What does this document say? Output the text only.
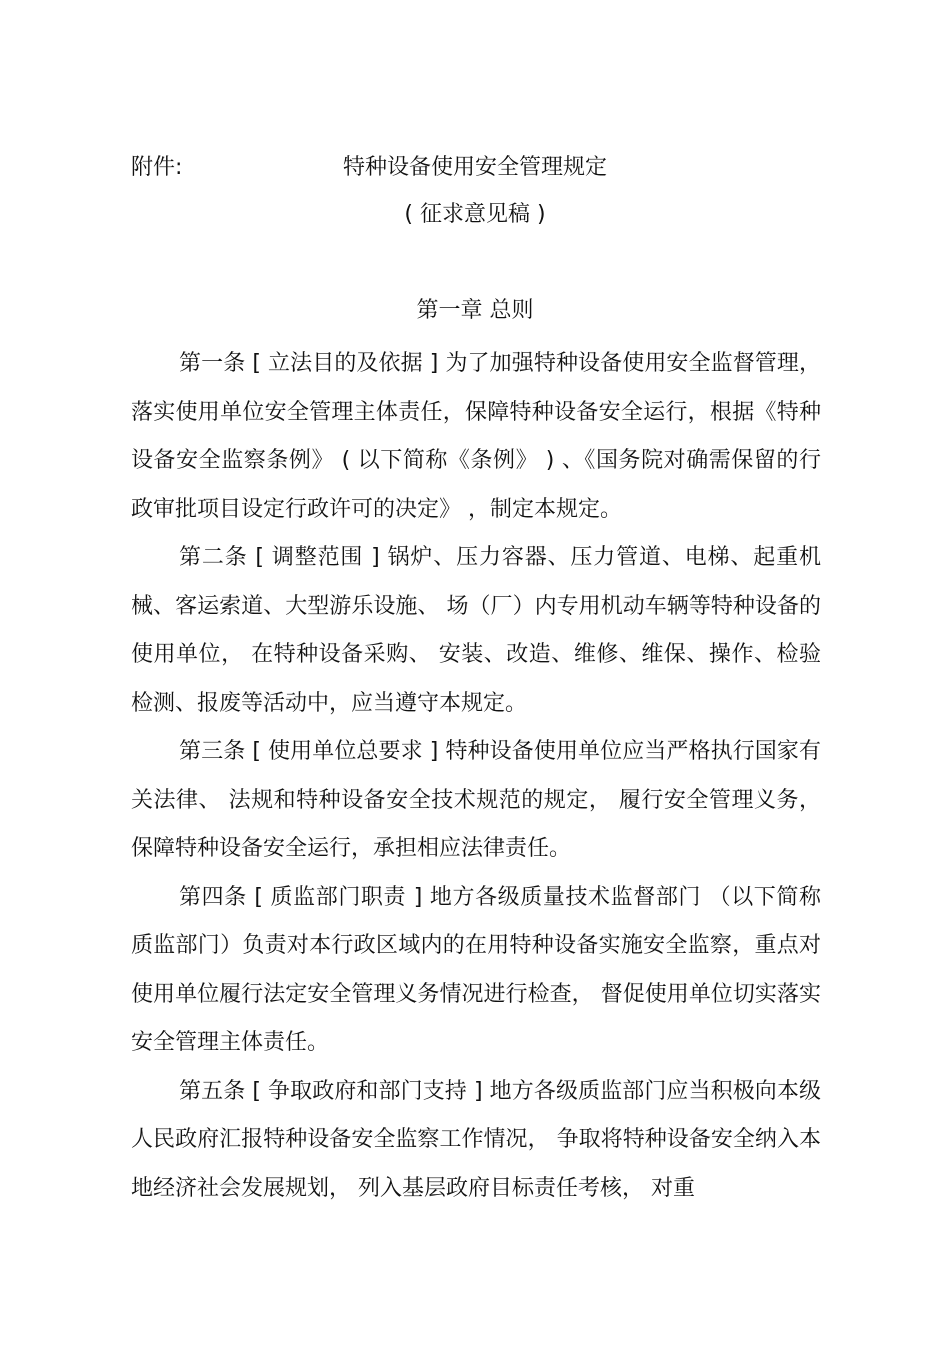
附件:	特种设备使用安全管理规定
( 征求意见稿 )
第一章 总则

第一条 [ 立法目的及依据 ] 为了加强特种设备使用安全监督管理，落实使用单位安全管理主体责任，保障特种设备安全运行，根据《特种设备安全监察条例》 ( 以下简称《条例》 ) 、《国务院对确需保留的行政审批项目设定行政许可的决定》 ，制定本规定。

第二条 [ 调整范围 ] 锅炉、压力容器、压力管道、电梯、起重机械、客运索道、大型游乐设施、 场（厂）内专用机动车辆等特种设备的使用单位， 在特种设备采购、 安装、改造、维修、维保、操作、检验检测、报废等活动中，应当遵守本规定。

第三条 [ 使用单位总要求 ] 特种设备使用单位应当严格执行国家有关法律、 法规和特种设备安全技术规范的规定， 履行安全管理义务，保障特种设备安全运行，承担相应法律责任。

第四条 [ 质监部门职责 ] 地方各级质量技术监督部门 （以下简称质监部门）负责对本行政区域内的在用特种设备实施安全监察，重点对使用单位履行法定安全管理义务情况进行检查， 督促使用单位切实落实安全管理主体责任。

第五条 [ 争取政府和部门支持 ] 地方各级质监部门应当积极向本级人民政府汇报特种设备安全监察工作情况， 争取将特种设备安全纳入本地经济社会发展规划， 列入基层政府目标责任考核， 对重
